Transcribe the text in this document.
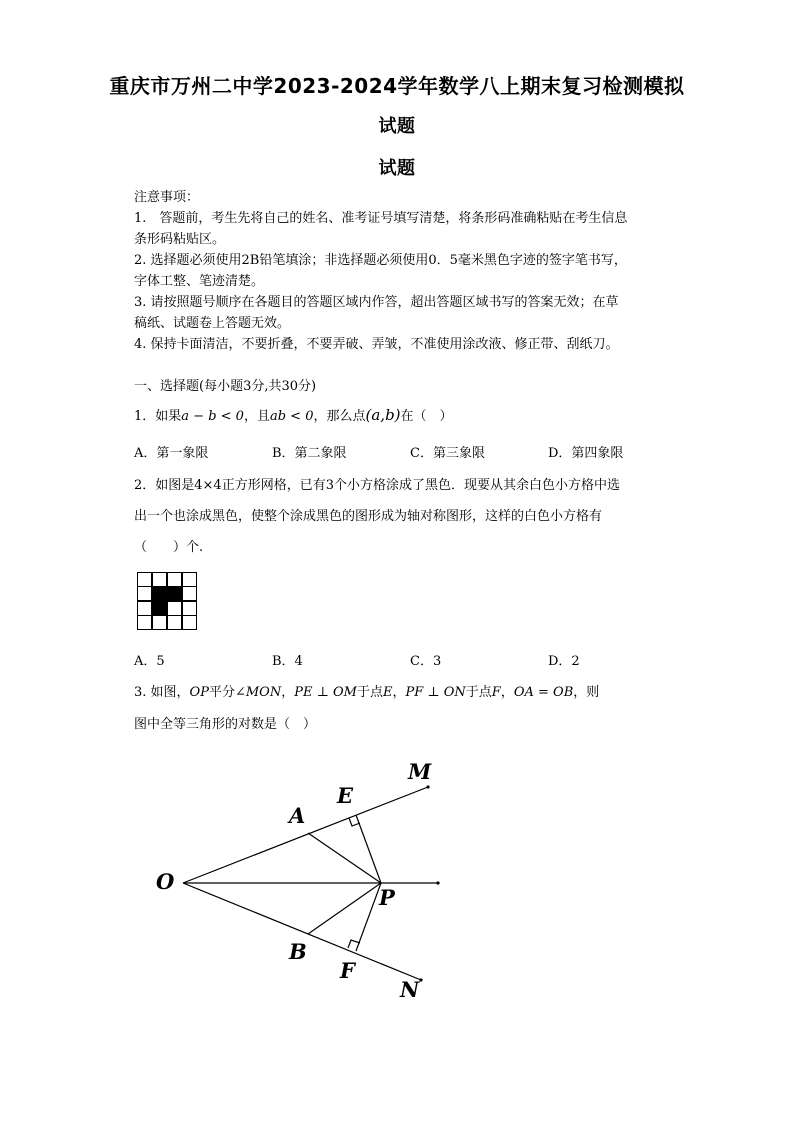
重庆市万州二中学2023-2024学年数学八上期末复习检测模拟
试题
试题
注意事项：
1.　答题前，考生先将自己的姓名、准考证号填写清楚，将条形码准确粘贴在考生信息
条形码粘贴区。
2. 选择题必须使用2B铅笔填涂；非选择题必须使用0．5毫米黑色字迹的签字笔书写，
字体工整、笔迹清楚。
3. 请按照题号顺序在各题目的答题区域内作答，超出答题区域书写的答案无效；在草
稿纸、试题卷上答题无效。
4. 保持卡面清洁，不要折叠，不要弄破、弄皱，不准使用涂改液、修正带、刮纸刀。
一、选择题(每小题3分,共30分)
1．如果a − b < 0，且ab < 0，那么点(a,b)在（　）
A．第一象限	B．第二象限	C．第三象限	D．第四象限
2．如图是4×4正方形网格，已有3个小方格涂成了黑色．现要从其余白色小方格中选
出一个也涂成黑色，使整个涂成黑色的图形成为轴对称图形，这样的白色小方格有
（　　）个.
A．5	B．4	C．3	D．2
3. 如图，OP平分∠MON，PE ⊥ OM于点E，PF ⊥ ON于点F，OA = OB，则
图中全等三角形的对数是（　）
O
A
E
M
P
B
F
N
